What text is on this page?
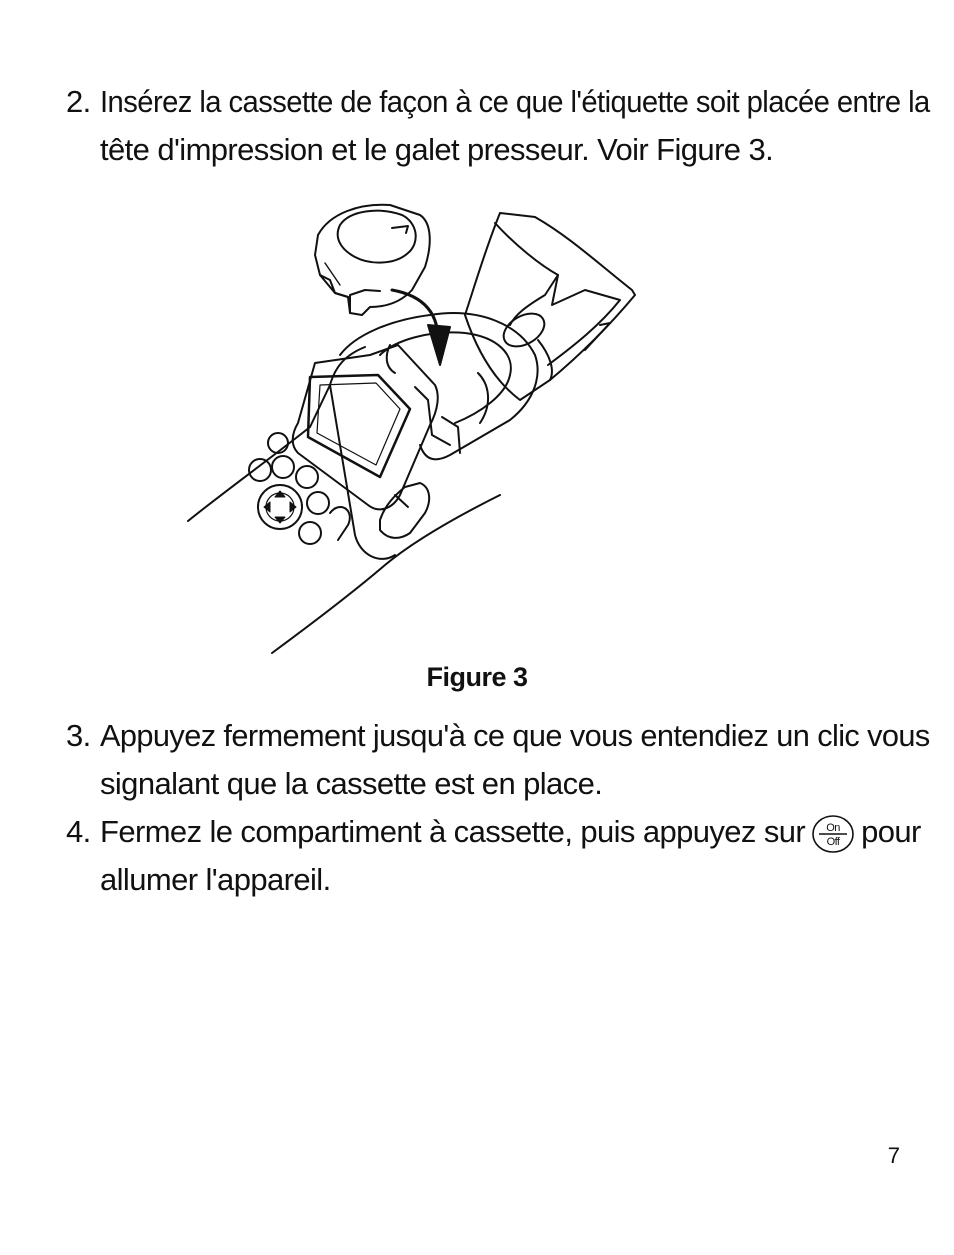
2. Insérez la cassette de façon à ce que l'étiquette soit placée entre la
tête d'impression et le galet presseur. Voir Figure 3.
Figure 3
3. Appuyez fermement jusqu'à ce que vous entendiez un clic vous
signalant que la cassette est en place.
4. Fermez le compartiment à cassette, puis appuyez sur On
Off pour
allumer l'appareil.
7
